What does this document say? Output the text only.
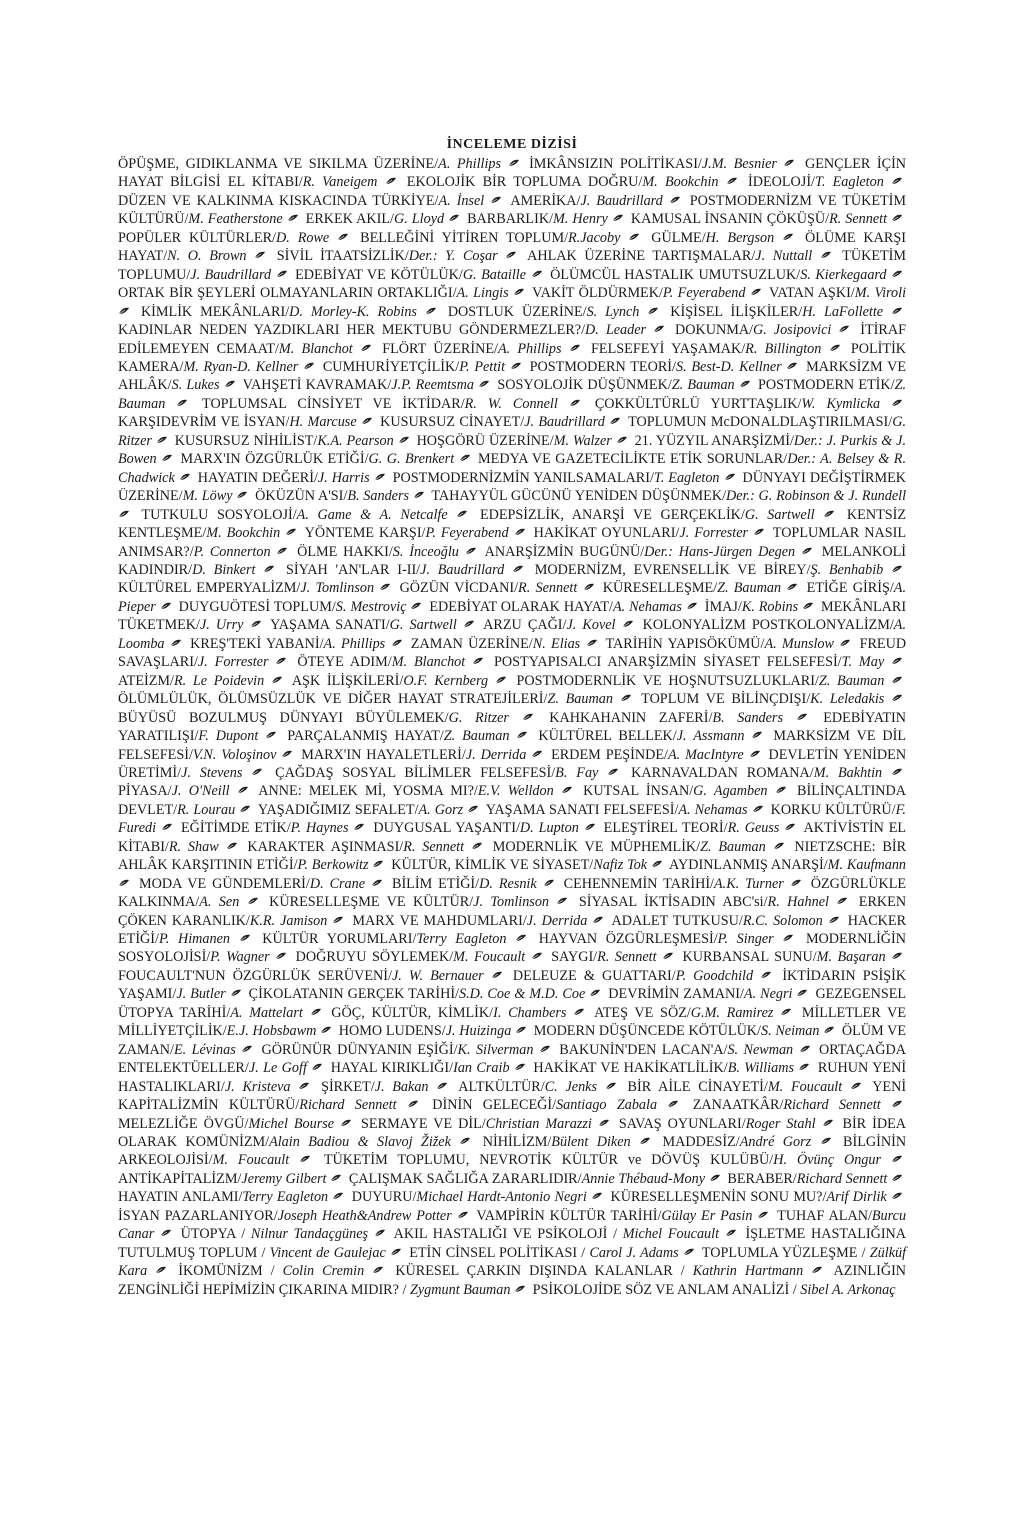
İNCELEME DİZİSİ

ÖPÜŞME, GIDIKLANMA VE SIKILMA ÜZERİNE/A. Phillips İMKÂNSIZIN POLİTİKASI/J.M. Besnier GENÇLER İÇİN HAYAT BİLGİSİ EL KİTABI/R. Vaneigem EKOLOJİK BİR TOPLUMA DOĞRU/M. Bookchin İDEOLOJİ/T. Eagleton  DÜZEN VE KALKINMA KISKACINDA TÜRKİYE/A. İnsel AMERİKA/J. Baudrillard POSTMODERNİZM VE TÜKETİM KÜLTÜRÜ/M. Featherstone ERKEK AKIL/G. Lloyd BARBARLIK/M. Henry KAMUSAL İNSANIN ÇÖKÜŞÜ/R. Sennett  POPÜLER KÜLTÜRLER/D. Rowe BELLEĞİNİ YİTİREN TOPLUM/R.Jacoby GÜLME/H. Bergson ÖLÜME KARŞI HAYAT/N. O. Brown SİVİL İTAATSİZLİK/Der.: Y. Coşar AHLAK ÜZERİNE TARTIŞMALAR/J. Nuttall TÜKETİM TOPLUMU/J. Baudrillard EDEBİYAT VE KÖTÜLÜK/G. Bataille ÖLÜMCÜL HASTALIK UMUTSUZLUK/S. Kierkegaard  ORTAK BİR ŞEYLERİ OLMAYANLARIN ORTAKLIĞI/A. Lingis VAKİT ÖLDÜRMEK/P. Feyerabend VATAN AŞKI/M. Viroli  KİMLİK MEKÂNLARI/D. Morley-K. Robins DOSTLUK ÜZERİNE/S. Lynch KİŞİSEL İLİŞKİLER/H. LaFollette  KADINLAR NEDEN YAZDIKLARI HER MEKTUBU GÖNDERMEZLER?/D. Leader DOKUNMA/G. Josipovici İTİRAF EDİLEMEYEN CEMAAT/M. Blanchot FLÖRT ÜZERİNE/A. Phillips FELSEFEYİ YAŞAMAK/R. Billington POLİTİK KAMERA/M. Ryan-D. Kellner CUMHURİYETÇİLİK/P. Pettit POSTMODERN TEORİ/S. Best-D. Kellner MARKSİZM VE AHLÂK/S. Lukes VAHŞETİ KAVRAMAK/J.P. Reemtsma SOSYOLOJİK DÜŞÜNMEK/Z. Bauman POSTMODERN ETİK/Z. Bauman	TOPLUMSAL CİNSİYET VE İKTİDAR/R. W. Connell	ÇOKKÜLTÜRLÜ YURTTAŞLIK/W. Kymlicka  KARŞIDEVRİM VE İSYAN/H. Marcuse KUSURSUZ CİNAYET/J. Baudrillard TOPLUMUN McDONALDLAŞTIRILMASI/G. Ritzer KUSURSUZ NİHİLİST/K.A. Pearson HOŞGÖRÜ ÜZERİNE/M. Walzer 21. YÜZYIL ANARŞİZMİ/Der.: J. Purkis & J. Bowen MARX'IN ÖZGÜRLÜK ETİĞİ/G. G. Brenkert MEDYA VE GAZETECİLİKTE ETİK SORUNLAR/Der.: A. Belsey & R. Chadwick HAYATIN DEĞERİ/J. Harris POSTMODERNİZMİN YANILSAMALARI/T. Eagleton DÜNYAYI DEĞİŞTİRMEK ÜZERİNE/M. Löwy ÖKÜZÜN A'SI/B. Sanders TAHAYYÜL GÜCÜNÜ YENİDEN DÜŞÜNMEK/Der.: G. Robinson & J. Rundell  TUTKULU SOSYOLOJİ/A. Game & A. Netcalfe EDEPSİZLİK, ANARŞİ VE GERÇEKLİK/G. Sartwell KENTSİZ KENTLEŞME/M. Bookchin YÖNTEME KARŞI/P. Feyerabend HAKİKAT OYUNLARI/J. Forrester TOPLUMLAR NASIL ANIMSAR?/P. Connerton ÖLME HAKKI/S. İnceoğlu ANARŞİZMİN BUGÜNÜ/Der.: Hans-Jürgen Degen MELANKOLİ KADINDIR/D. Binkert SİYAH 'AN'LAR I-II/J. Baudrillard MODERNİZM, EVRENSELLİK VE BİREY/Ş. Benhabib  KÜLTÜREL EMPERYALİZM/J. Tomlinson GÖZÜN VİCDANI/R. Sennett KÜRESELLEŞME/Z. Bauman ETİĞE GİRİŞ/A. Pieper DUYGUÖTESİ TOPLUM/S. Mestroviç EDEBİYAT OLARAK HAYAT/A. Nehamas İMAJ/K. Robins MEKÂNLARI TÜKETMEK/J. Urry YAŞAMA SANATI/G. Sartwell ARZU ÇAĞI/J. Kovel KOLONYALİZM POSTKOLONYALİZM/A. Loomba KREŞ'TEKİ YABANİ/A. Phillips ZAMAN ÜZERİNE/N. Elias TARİHİN YAPISÖKÜMÜ/A. Munslow FREUD SAVAŞLARI/J. Forrester ÖTEYE ADIM/M. Blanchot POSTYAPISALCI ANARŞİZMİN SİYASET FELSEFESİ/T. May  ATEİZM/R. Le Poidevin AŞK İLİŞKİLERİ/O.F. Kernberg POSTMODERNLİK VE HOŞNUTSUZLUKLARI/Z. Bauman  ÖLÜMLÜLÜK, ÖLÜMSÜZLÜK VE DİĞER HAYAT STRATEJİLERİ/Z. Bauman TOPLUM VE BİLİNÇDIŞI/K. Leledakis  BÜYÜSÜ BOZULMUŞ DÜNYAYI BÜYÜLEMEK/G. Ritzer	KAHKAHANIN ZAFERİ/B. Sanders	EDEBİYATIN YARATILIŞI/F. Dupont PARÇALANMIŞ HAYAT/Z. Bauman KÜLTÜREL BELLEK/J. Assmann MARKSİZM VE DİL FELSEFESİ/V.N. Voloşinov MARX'IN HAYALETLERİ/J. Derrida ERDEM PEŞİNDE/A. MacIntyre DEVLETİN YENİDEN ÜRETİMİ/J. Stevens ÇAĞDAŞ SOSYAL BİLİMLER FELSEFESİ/B. Fay KARNAVALDAN ROMANA/M. Bakhtin  PİYASA/J. O'Neill ANNE: MELEK Mİ, YOSMA MI?/E.V. Welldon KUTSAL İNSAN/G. Agamben BİLİNÇALTINDA DEVLET/R. Lourau YAŞADIĞIMIZ SEFALET/A. Gorz YAŞAMA SANATI FELSEFESİ/A. Nehamas KORKU KÜLTÜRÜ/F. Furedi EĞİTİMDE ETİK/P. Haynes DUYGUSAL YAŞANTI/D. Lupton ELEŞTİREL TEORİ/R. Geuss AKTİVİSTİN EL KİTABI/R. Shaw KARAKTER AŞINMASI/R. Sennett MODERNLİK VE MÜPHEMLİK/Z. Bauman NIETZSCHE: BİR AHLÂK KARŞITININ ETİĞİ/P. Berkowitz KÜLTÜR, KİMLİK VE SİYASET/Nafiz Tok AYDINLANMIŞ ANARŞİ/M. Kaufmann  MODA VE GÜNDEMLERİ/D. Crane BİLİM ETİĞİ/D. Resnik CEHENNEMİN TARİHİ/A.K. Turner ÖZGÜRLÜKLE KALKINMA/A. Sen KÜRESELLEŞME VE KÜLTÜR/J. Tomlinson SİYASAL İKTİSADIN ABC'si/R. Hahnel ERKEN ÇÖKEN KARANLIK/K.R. Jamison MARX VE MAHDUMLARI/J. Derrida ADALET TUTKUSU/R.C. Solomon HACKER ETİĞİ/P. Himanen KÜLTÜR YORUMLARI/Terry Eagleton HAYVAN ÖZGÜRLEŞMESİ/P. Singer MODERNLİĞİN SOSYOLOJİSİ/P. Wagner DOĞRUYU SÖYLEMEK/M. Foucault SAYGI/R. Sennett KURBANSAL SUNU/M. Başaran  FOUCAULT'NUN ÖZGÜRLÜK SERÜVENİ/J. W. Bernauer DELEUZE & GUATTARI/P. Goodchild İKTİDARIN PSİŞİK YAŞAMI/J. Butler ÇİKOLATANIN GERÇEK TARİHİ/S.D. Coe & M.D. Coe DEVRİMİN ZAMANI/A. Negri GEZEGENSEL ÜTOPYA TARİHİ/A. Mattelart GÖÇ, KÜLTÜR, KİMLİK/I. Chambers ATEŞ VE SÖZ/G.M. Ramirez MİLLETLER VE MİLLİYETÇİLİK/E.J. Hobsbawm HOMO LUDENS/J. Huizinga MODERN DÜŞÜNCEDE KÖTÜLÜK/S. Neiman ÖLÜM VE ZAMAN/E. Lévinas GÖRÜNÜR DÜNYANIN EŞİĞİ/K. Silverman BAKUNİN'DEN LACAN'A/S. Newman ORTAÇAĞDA ENTELEKTÜELLER/J. Le Goff HAYAL KIRIKLIĞI/Ian Craib HAKİKAT VE HAKİKATLİLİK/B. Williams RUHUN YENİ HASTALIKLARI/J. Kristeva ŞİRKET/J. Bakan ALTKÜLTÜR/C. Jenks BİR AİLE CİNAYETİ/M. Foucault YENİ KAPİTALİZMİN KÜLTÜRÜ/Richard Sennett	DİNİN GELECEĞİ/Santiago Zabala	ZANAATKÂR/Richard Sennett  MELEZLİĞE ÖVGÜ/Michel Bourse SERMAYE VE DİL/Christian Marazzi SAVAŞ OYUNLARI/Roger Stahl BİR İDEA OLARAK KOMÜNİZM/Alain Badiou & Slavoj Žižek NİHİLİZM/Bülent Diken MADDESİZ/André Gorz BİLGİNİN ARKEOLOJİSİ/M. Foucault TÜKETİM TOPLUMU, NEVROTİK KÜLTÜR ve DÖVÜŞ KULÜBÜ/H. Övünç Ongur  ANTİKAPİTALİZM/Jeremy Gilbert ÇALIŞMAK SAĞLIĞA ZARARLIDIR/Annie Thébaud-Mony BERABER/Richard Sennett  HAYATIN ANLAMI/Terry Eagleton DUYURU/Michael Hardt-Antonio Negri KÜRESELLEŞMENİN SONU MU?/Arif Dirlik  İSYAN PAZARLANIYOR/Joseph Heath&Andrew Potter VAMPİRİN KÜLTÜR TARİHİ/Gülay Er Pasin TUHAF ALAN/Burcu Canar ÜTOPYA / Nilnur Tandaçgüneş AKIL HASTALIĞI VE PSİKOLOJİ / Michel Foucault İŞLETME HASTALIĞINA TUTULMUŞ TOPLUM / Vincent de Gaulejac ETİN CİNSEL POLİTİKASI / Carol J. Adams TOPLUMLA YÜZLEŞME / Zülküf Kara İKOMÜNİZM / Colin Cremin KÜRESEL ÇARKIN DIŞINDA KALANLAR / Kathrin Hartmann AZINLIĞIN ZENGİNLİĞİ HEPİMİZİN ÇIKARINA MIDIR? / Zygmunt Bauman PSİKOLOJİDE SÖZ VE ANLAM ANALİZİ / Sibel A. Arkonaç
